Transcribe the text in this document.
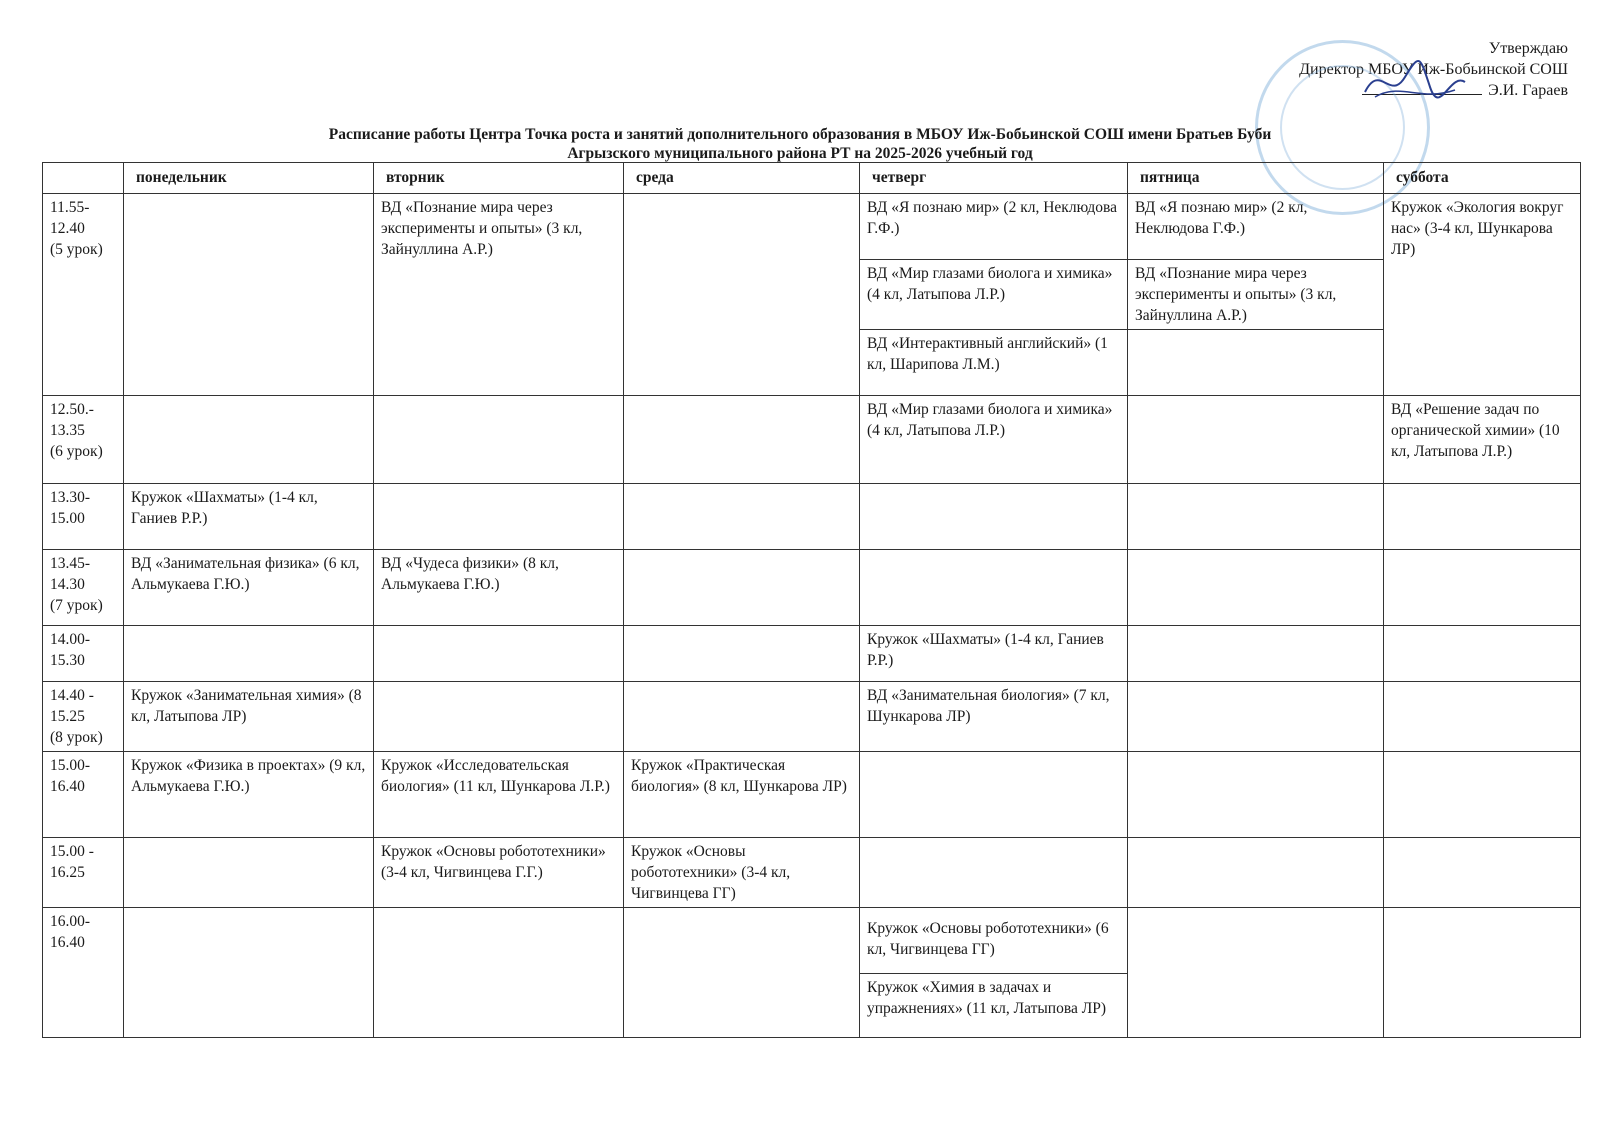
Утверждаю
Директор МБОУ Иж-Бобьинской СОШ
Э.И. Гараев
Расписание работы Центра Точка роста и занятий дополнительного образования в МБОУ Иж-Бобьинской СОШ имени Братьев Буби
Агрызского муниципального района РТ на 2025-2026 учебный год
	понедельник	вторник	среда	четверг	пятница	суббота
11.55-
12.40
(5 урок)		ВД «Познание мира через эксперименты и опыты» (3 кл, Зайнуллина А.Р.)		ВД «Я познаю мир» (2 кл, Неклюдова Г.Ф.)	ВД «Я познаю мир» (2 кл, Неклюдова Г.Ф.)	Кружок «Экология вокруг нас» (3-4 кл, Шункарова ЛР)
				ВД «Мир глазами биолога и химика» (4 кл, Латыпова Л.Р.)	ВД «Познание мира через эксперименты и опыты» (3 кл, Зайнуллина А.Р.)	
				ВД «Интерактивный английский» (1 кл, Шарипова Л.М.)		
12.50.-
13.35
(6 урок)				ВД «Мир глазами биолога и химика» (4 кл, Латыпова Л.Р.)		ВД «Решение задач по органической химии» (10 кл, Латыпова Л.Р.)
13.30-
15.00	Кружок «Шахматы» (1-4 кл, Ганиев Р.Р.)					
13.45-
14.30
(7 урок)	ВД «Занимательная физика» (6 кл, Альмукаева Г.Ю.)	ВД «Чудеса физики» (8 кл, Альмукаева Г.Ю.)				
14.00-
15.30				Кружок «Шахматы» (1-4 кл, Ганиев Р.Р.)		
14.40 -
15.25
(8 урок)	Кружок «Занимательная химия» (8 кл, Латыпова ЛР)			ВД «Занимательная биология» (7 кл, Шункарова ЛР)		
15.00-
16.40	Кружок «Физика в проектах» (9 кл, Альмукаева Г.Ю.)	Кружок «Исследовательская биология» (11 кл, Шункарова Л.Р.)	Кружок «Практическая биология» (8 кл, Шункарова ЛР)			
15.00 -
16.25		Кружок «Основы робототехники» (3-4 кл, Чигвинцева Г.Г.)	Кружок «Основы робототехники» (3-4 кл, Чигвинцева ГГ)			
16.00-
16.40				Кружок «Основы робототехники» (6 кл, Чигвинцева ГГ)		
				Кружок «Химия в задачах и упражнениях» (11 кл, Латыпова ЛР)		
